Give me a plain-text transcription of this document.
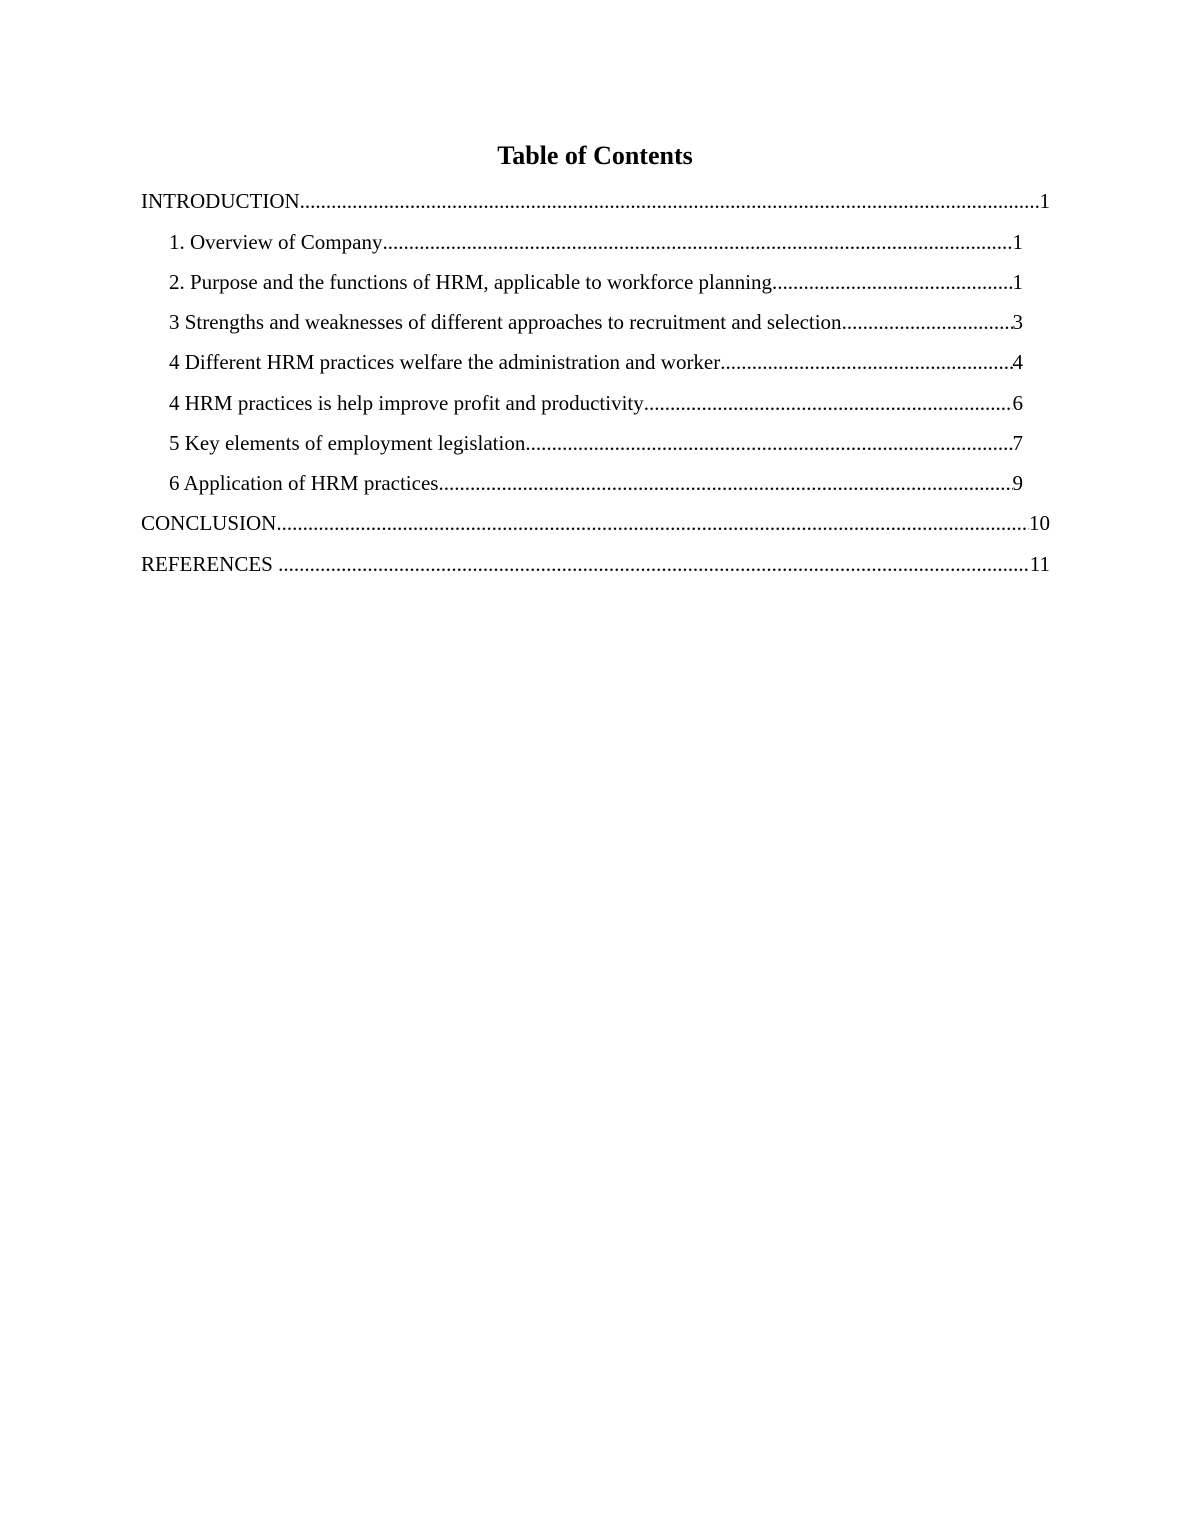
Table of Contents
INTRODUCTION .....	1
1. Overview of Company .....	1
2. Purpose and the functions of HRM, applicable to workforce planning .....	1
3 Strengths and weaknesses of different approaches to recruitment and selection .....	3
4 Different HRM practices welfare the administration and worker .....	4
4 HRM practices is help improve profit and productivity .....	6
5 Key elements of employment legislation .....	7
6 Application of HRM practices .....	9
CONCLUSION .....	10
REFERENCES .....	11
